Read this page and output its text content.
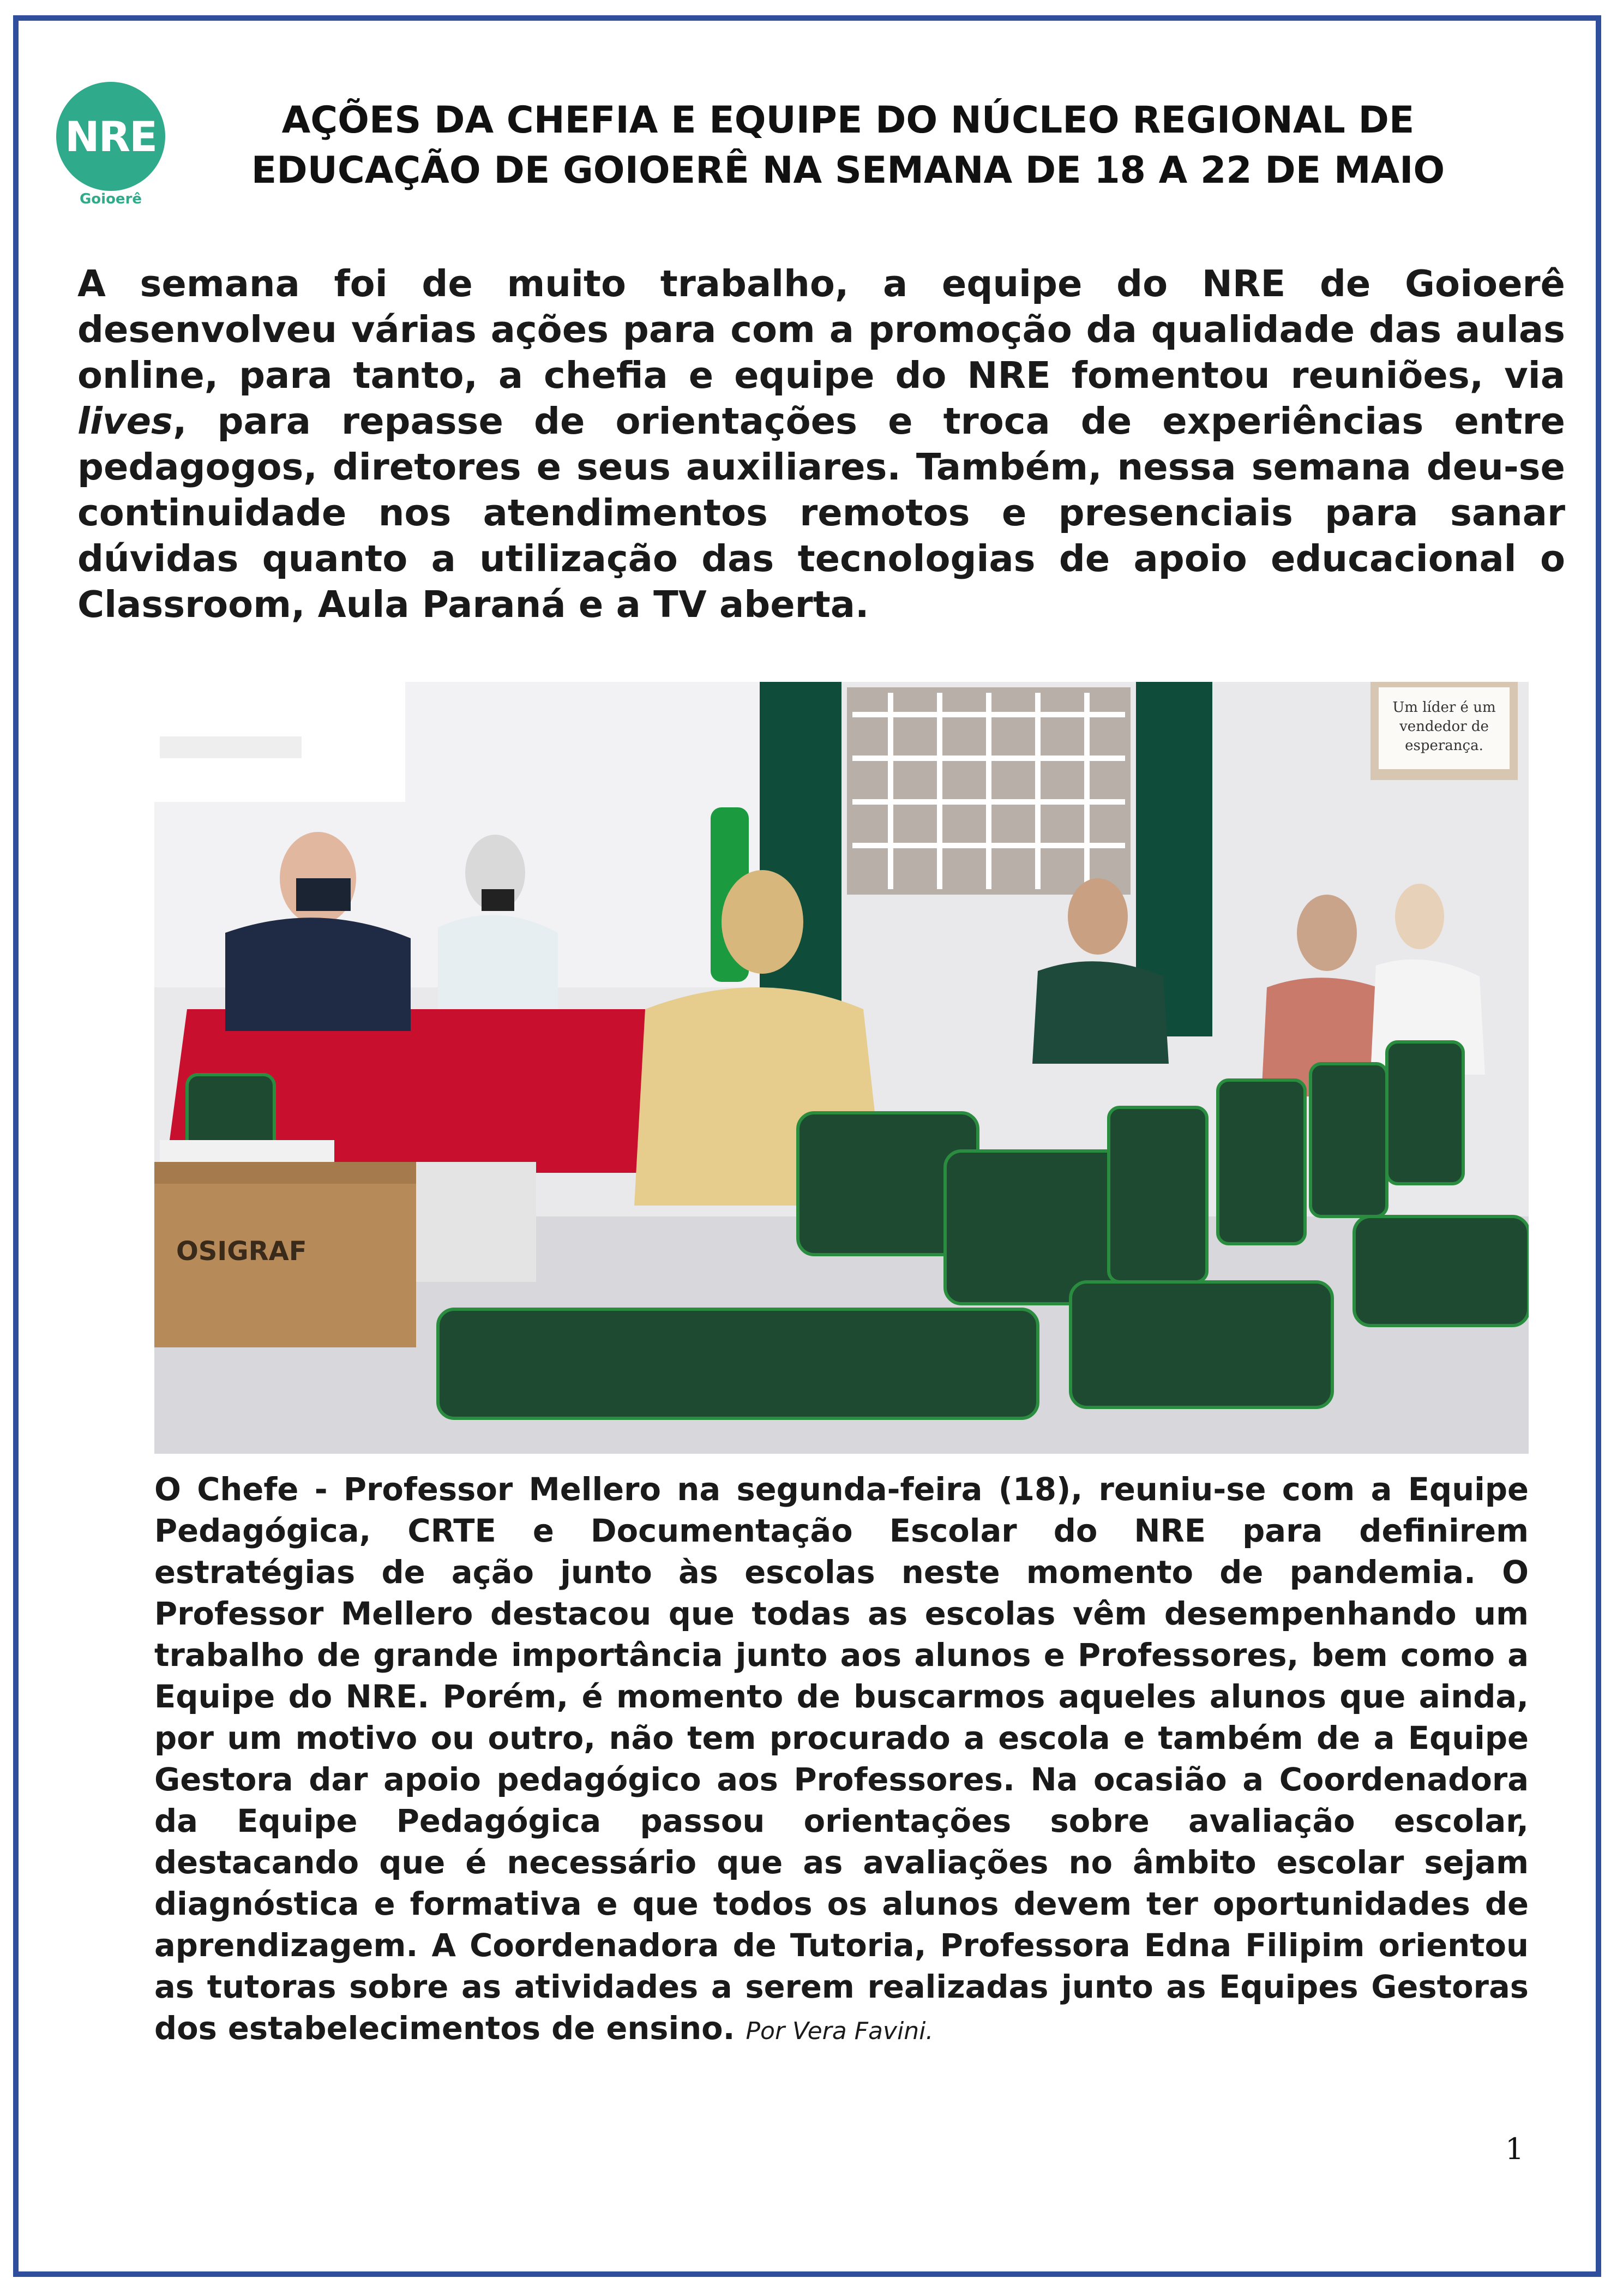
NRE
Goioerê
AÇÕES DA CHEFIA E EQUIPE DO NÚCLEO REGIONAL DE
EDUCAÇÃO DE GOIOERÊ NA SEMANA DE 18 A 22 DE MAIO

A semana foi de muito trabalho, a equipe do NRE de Goioerê desenvolveu várias ações para com a promoção da qualidade das aulas online, para tanto, a chefia e equipe do NRE fomentou reuniões, via lives, para repasse de orientações e troca de experiências entre pedagogos, diretores e seus auxiliares. Também, nessa semana deu-se continuidade nos atendimentos remotos e presenciais para sanar dúvidas quanto a utilização das tecnologias de apoio educacional o Classroom, Aula Paraná e a TV aberta.

Um líder é um
vendedor de
esperança.
OSIGRAF

O Chefe - Professor Mellero na segunda-feira (18), reuniu-se com a Equipe Pedagógica, CRTE e Documentação Escolar do NRE para definirem estratégias de ação junto às escolas neste momento de pandemia. O Professor Mellero destacou que todas as escolas vêm desempenhando um trabalho de grande importância junto aos alunos e Professores, bem como a Equipe do NRE. Porém, é momento de buscarmos aqueles alunos que ainda, por um motivo ou outro, não tem procurado a escola e também de a Equipe Gestora dar apoio pedagógico aos Professores. Na ocasião a Coordenadora da Equipe Pedagógica passou orientações sobre avaliação escolar, destacando que é necessário que as avaliações no âmbito escolar sejam diagnóstica e formativa e que todos os alunos devem ter oportunidades de aprendizagem. A Coordenadora de Tutoria, Professora Edna Filipim orientou as tutoras sobre as atividades a serem realizadas junto as Equipes Gestoras dos estabelecimentos de ensino. Por Vera Favini.

1
